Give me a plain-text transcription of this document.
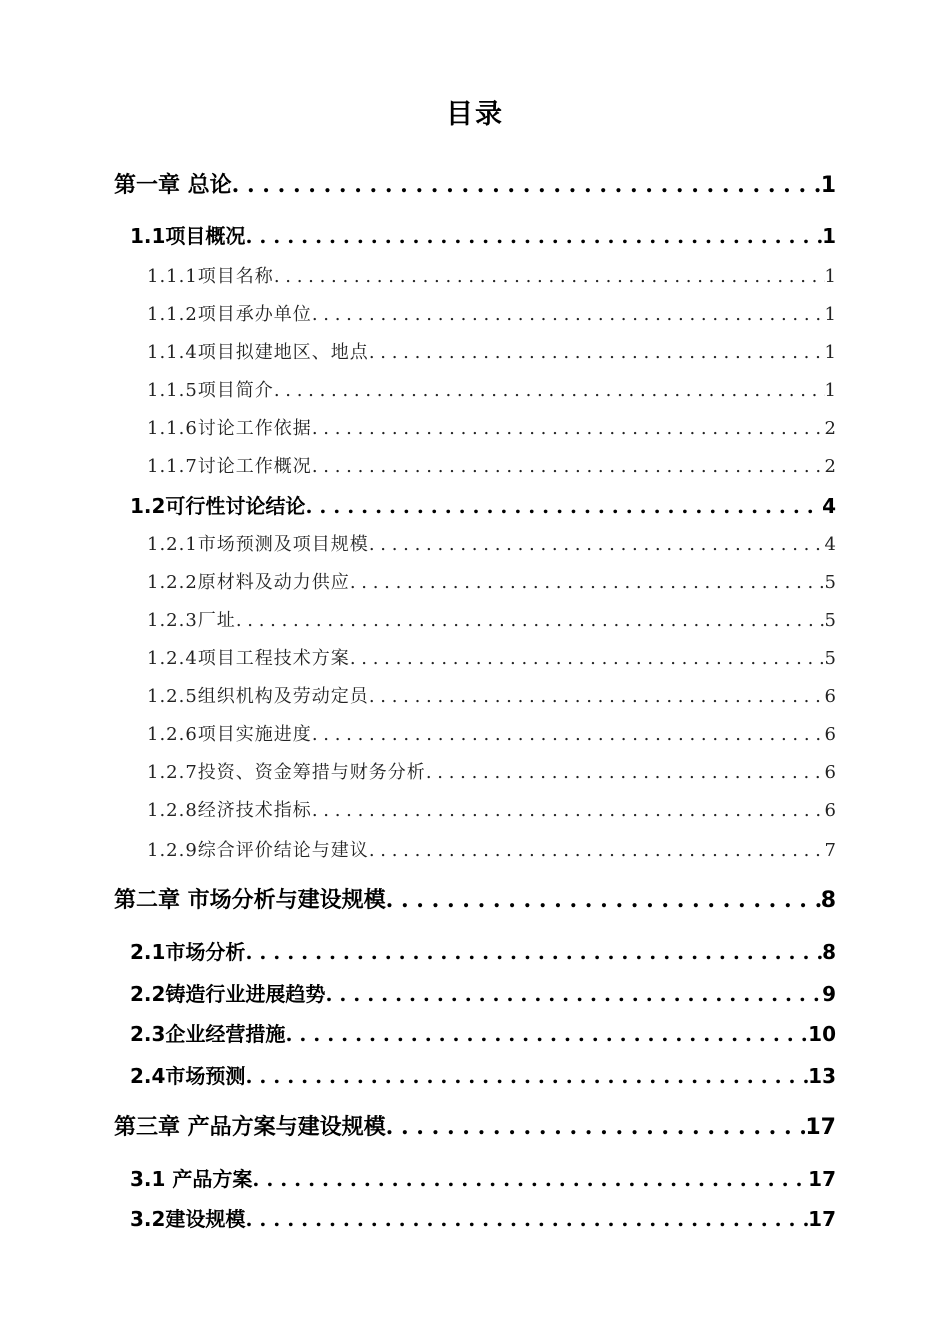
目录
第一章 总论 . . .	1
1.1项目概况 . . .	1
1.1.1项目名称 . . .	1
1.1.2项目承办单位 . . .	1
1.1.4项目拟建地区、地点 . . .	1
1.1.5项目简介 . . .	1
1.1.6讨论工作依据 . . .	2
1.1.7讨论工作概况 . . .	2
1.2可行性讨论结论 . . .	4
1.2.1市场预测及项目规模 . . .	4
1.2.2原材料及动力供应 . . .	5
1.2.3厂址 . . .	5
1.2.4项目工程技术方案 . . .	5
1.2.5组织机构及劳动定员 . . .	6
1.2.6项目实施进度 . . .	6
1.2.7投资、资金筹措与财务分析 . . .	6
1.2.8经济技术指标 . . .	6
1.2.9综合评价结论与建议 . . .	7
第二章 市场分析与建设规模 . . .	8
2.1市场分析 . . .	8
2.2铸造行业进展趋势 . . .	9
2.3企业经营措施 . . .	10
2.4市场预测 . . .	13
第三章 产品方案与建设规模 . . .	17
3.1 产品方案 . . .	17
3.2建设规模 . . .	17
